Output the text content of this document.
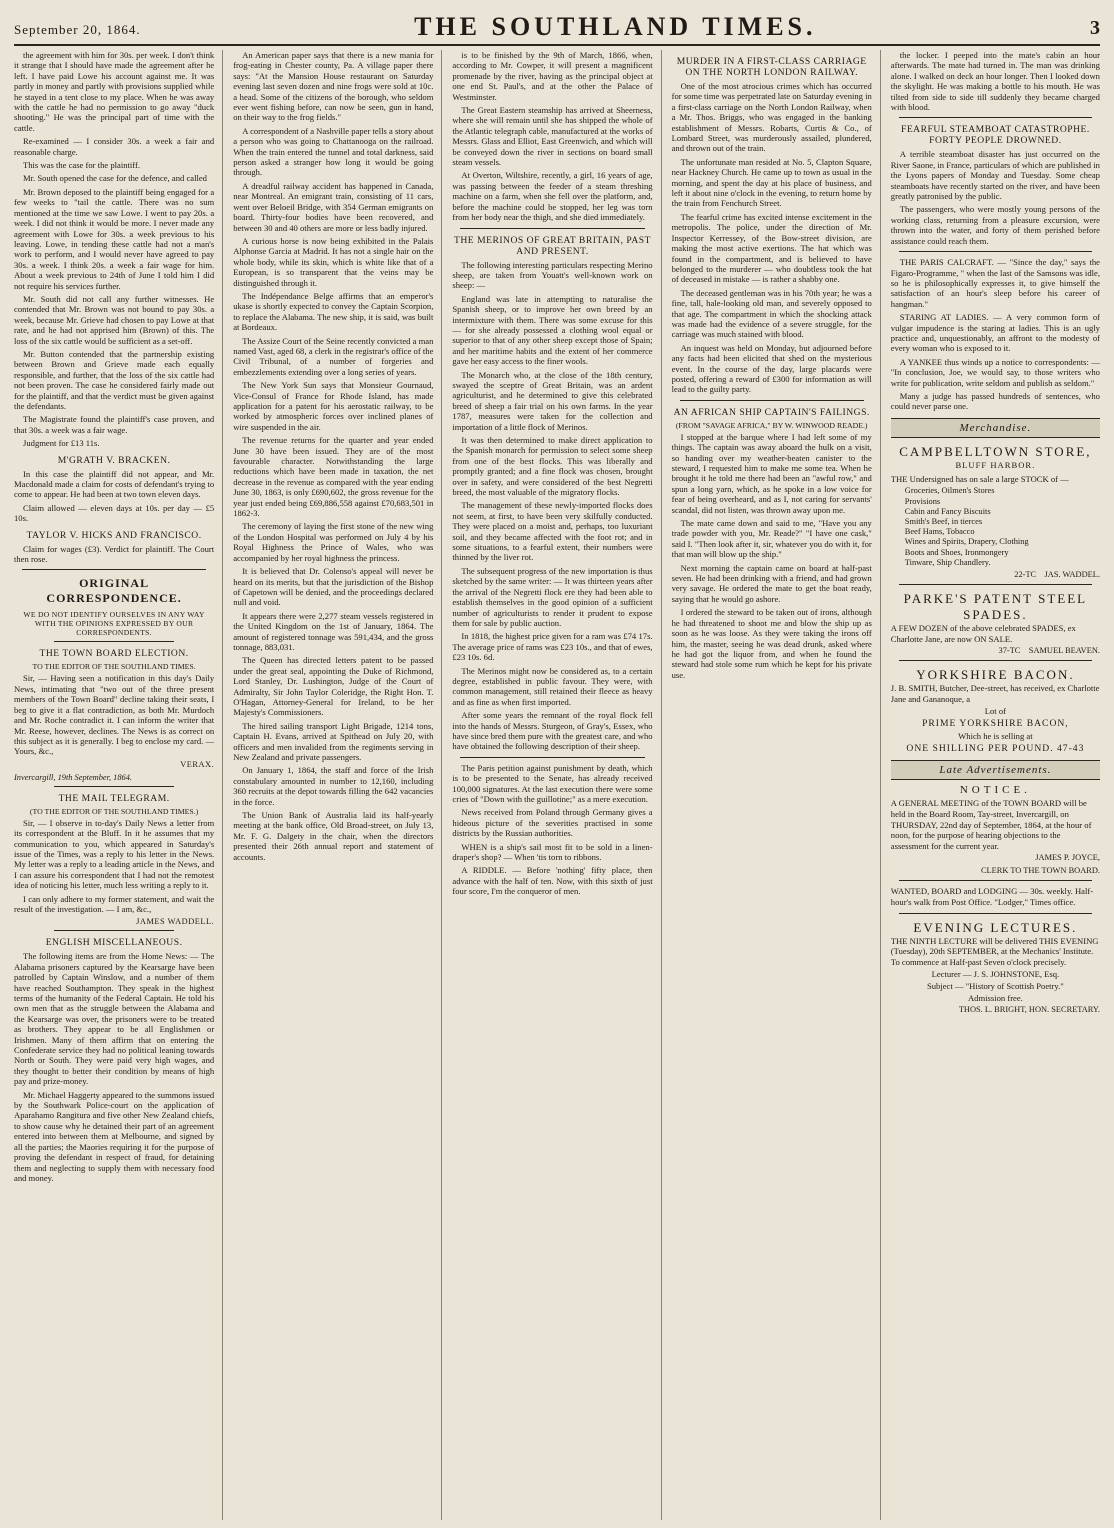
September 20, 1864.	THE SOUTHLAND TIMES.	3

the agreement with him for 30s. per week. I don't think it strange that I should have made the agreement after he left. I have paid Lowe his account against me. It was partly in money and partly with provisions supplied while he stayed in a tent close to my place. When he was away with the cattle he had no permission to go away "duck shooting." He was the principal part of time with the cattle.

Re-examined — I consider 30s. a week a fair and reasonable charge.

This was the case for the plaintiff.

Mr. South opened the case for the defence, and called

Mr. Brown deposed to the plaintiff being engaged for a few weeks to "tail the cattle. There was no sum mentioned at the time we saw Lowe. I went to pay 20s. a week. I did not think it would be more. I never made any agreement with Lowe for 30s. a week previous to his leaving. Lowe, in tending these cattle had not a man's work to perform, and I would never have agreed to pay 30s. a week. I think 20s. a week a fair wage for him. About a week previous to 24th of June I told him I did not require his services further.

Mr. South did not call any further witnesses. He contended that Mr. Brown was not bound to pay 30s. a week, because Mr. Grieve had chosen to pay Lowe at that rate, and he had not apprised him (Brown) of this. The loss of the six cattle would be sufficient as a set-off.

Mr. Button contended that the partnership existing between Brown and Grieve made each equally responsible, and further, that the loss of the six cattle had not been proven. The case he considered fairly made out for the plaintiff, and that the verdict must be given against the defendants.

The Magistrate found the plaintiff's case proven, and that 30s. a week was a fair wage.

Judgment for £13 11s.

M'GRATH V. BRACKEN.

In this case the plaintiff did not appear, and Mr. Macdonald made a claim for costs of defendant's trying to come to appear. He had been at two town eleven days.

Claim allowed — eleven days at 10s. per day — £5 10s.

TAYLOR V. HICKS AND FRANCISCO.

Claim for wages (£3). Verdict for plaintiff. The Court then rose.

ORIGINAL CORRESPONDENCE.
WE DO NOT IDENTIFY OURSELVES IN ANY WAY WITH THE OPINIONS EXPRESSED BY OUR CORRESPONDENTS.
THE TOWN BOARD ELECTION.
TO THE EDITOR OF THE SOUTHLAND TIMES.

Sir, — Having seen a notification in this day's Daily News, intimating that "two out of the three present members of the Town Board" decline taking their seats, I beg to give it a flat contradiction, as both Mr. Murdoch and Mr. Roche contradict it. I can inform the writer that Mr. Reese, however, declines. The News is as correct on this subject as it is generally. I beg to enclose my card. — Yours, &c.,

VERAX.
Invercargill, 19th September, 1864.
THE MAIL TELEGRAM.
(TO THE EDITOR OF THE SOUTHLAND TIMES.)

Sir, — I observe in to-day's Daily News a letter from its correspondent at the Bluff. In it he assumes that my communication to you, which appeared in Saturday's issue of the Times, was a reply to his letter in the News. My letter was a reply to a leading article in the News, and I can assure his correspondent that I had not the remotest idea of noticing his letter, much less writing a reply to it.

I can only adhere to my former statement, and wait the result of the investigation. — I am, &c.,

JAMES WADDELL.
ENGLISH MISCELLANEOUS.

The following items are from the Home News: — The Alabama prisoners captured by the Kearsarge have been patrolled by Captain Winslow, and a number of them have reached Southampton. They speak in the highest terms of the humanity of the Federal Captain. He told his own men that as the struggle between the Alabama and the Kearsarge was over, the prisoners were to be treated as brothers. They appear to be all Englishmen or Irishmen. Many of them affirm that on entering the Confederate service they had no political leaning towards North or South. They were paid very high wages, and they thought to better their condition by means of high pay and prize-money.

Mr. Michael Haggerty appeared to the summons issued by the Southwark Police-court on the application of Aparahamo Rangitura and five other New Zealand chiefs, to show cause why he detained their part of an agreement entered into between them at Melbourne, and signed by all the parties; the Maories requiring it for the purpose of proving the defendant in respect of fraud, for detaining them and neglecting to supply them with necessary food and money.

An American paper says that there is a new mania for frog-eating in Chester county, Pa. A village paper there says: "At the Mansion House restaurant on Saturday evening last seven dozen and nine frogs were sold at 10c. a head. Some of the citizens of the borough, who seldom ever went fishing before, can now be seen, gun in hand, on their way to the frog fields."

A correspondent of a Nashville paper tells a story about a person who was going to Chattanooga on the railroad. When the train entered the tunnel and total darkness, said person asked a stranger how long it would be going through.

A dreadful railway accident has happened in Canada, near Montreal. An emigrant train, consisting of 11 cars, went over Beloeil Bridge, with 354 German emigrants on board. Thirty-four bodies have been recovered, and between 30 and 40 others are more or less badly injured.

A curious horse is now being exhibited in the Palais Alphonse Garcia at Madrid. It has not a single hair on the whole body, while its skin, which is white like that of a European, is so transparent that the veins may be distinguished through it.

The Indépendance Belge affirms that an emperor's ukase is shortly expected to convey the Captain Scorpion, to replace the Alabama. The new ship, it is said, was built at Bordeaux.

The Assize Court of the Seine recently convicted a man named Vast, aged 68, a clerk in the registrar's office of the Civil Tribunal, of a number of forgeries and embezzlements extending over a long series of years.

The New York Sun says that Monsieur Gournaud, Vice-Consul of France for Rhode Island, has made application for a patent for his aerostatic railway, to be worked by atmospheric forces over inclined planes of wire suspended in the air.

The revenue returns for the quarter and year ended June 30 have been issued. They are of the most favourable character. Notwithstanding the large reductions which have been made in taxation, the net decrease in the revenue as compared with the year ending June 30, 1863, is only £690,602, the gross revenue for the year just ended being £69,886,558 against £70,683,501 in 1862-3.

The ceremony of laying the first stone of the new wing of the London Hospital was performed on July 4 by his Royal Highness the Prince of Wales, who was accompanied by her royal highness the princess.

It is believed that Dr. Colenso's appeal will never be heard on its merits, but that the jurisdiction of the Bishop of Capetown will be denied, and the proceedings declared null and void.

It appears there were 2,277 steam vessels registered in the United Kingdom on the 1st of January, 1864. The amount of registered tonnage was 591,434, and the gross tonnage, 883,031.

The Queen has directed letters patent to be passed under the great seal, appointing the Duke of Richmond, Lord Stanley, Dr. Lushington, Judge of the Court of Admiralty, Sir John Taylor Coleridge, the Right Hon. T. O'Hagan, Attorney-General for Ireland, to be her Majesty's Commissioners.

The hired sailing transport Light Brigade, 1214 tons, Captain H. Evans, arrived at Spithead on July 20, with officers and men invalided from the regiments serving in New Zealand and private passengers.

On January 1, 1864, the staff and force of the Irish constabulary amounted in number to 12,160, including 360 recruits at the depot towards filling the 642 vacancies in the force.

The Union Bank of Australia laid its half-yearly meeting at the bank office, Old Broad-street, on July 13, Mr. F. G. Dalgety in the chair, when the directors presented their 26th annual report and statement of accounts.

is to be finished by the 9th of March, 1866, when, according to Mr. Cowper, it will present a magnificent promenade by the river, having as the principal object at one end St. Paul's, and at the other the Palace of Westminster.

The Great Eastern steamship has arrived at Sheerness, where she will remain until she has shipped the whole of the Atlantic telegraph cable, manufactured at the works of Messrs. Glass and Elliot, East Greenwich, and which will be conveyed down the river in sections on board small steam vessels.

At Overton, Wiltshire, recently, a girl, 16 years of age, was passing between the feeder of a steam threshing machine on a farm, when she fell over the platform, and, before the machine could be stopped, her leg was torn from her body near the thigh, and she died immediately.

THE MERINOS OF GREAT BRITAIN, PAST AND PRESENT.

The following interesting particulars respecting Merino sheep, are taken from Youatt's well-known work on sheep: —

England was late in attempting to naturalise the Spanish sheep, or to improve her own breed by an intermixture with them. There was some excuse for this — for she already possessed a clothing wool equal or superior to that of any other sheep except those of Spain; and her maritime habits and the extent of her commerce gave her easy access to the finer wools.

The Monarch who, at the close of the 18th century, swayed the sceptre of Great Britain, was an ardent agriculturist, and he determined to give this celebrated breed of sheep a fair trial on his own farms. In the year 1787, measures were taken for the collection and importation of a little flock of Merinos.

It was then determined to make direct application to the Spanish monarch for permission to select some sheep from one of the best flocks. This was liberally and promptly granted; and a fine flock was chosen, brought over in safety, and were considered of the best Negretti breed, the most valuable of the migratory flocks.

The management of these newly-imported flocks does not seem, at first, to have been very skilfully conducted. They were placed on a moist and, perhaps, too luxuriant soil, and they became affected with the foot rot; and in some situations, to a fearful extent, their numbers were thinned by the liver rot.

The subsequent progress of the new importation is thus sketched by the same writer: — It was thirteen years after the arrival of the Negretti flock ere they had been able to establish themselves in the good opinion of a sufficient number of agriculturists to render it prudent to expose them for sale by public auction.

In 1818, the highest price given for a ram was £74 17s. The average price of rams was £23 10s., and that of ewes, £23 10s. 6d.

The Merinos might now be considered as, to a certain degree, established in public favour. They were, with common management, still retained their fleece as heavy and as fine as when first imported.

After some years the remnant of the royal flock fell into the hands of Messrs. Sturgeon, of Gray's, Essex, who have since bred them pure with the greatest care, and who have obtained the following description of their sheep.

The Paris petition against punishment by death, which is to be presented to the Senate, has already received 100,000 signatures. At the last execution there were some cries of "Down with the guillotine;" as a mere execution.

News received from Poland through Germany gives a hideous picture of the severities practised in some districts by the Russian authorities.

WHEN is a ship's sail most fit to be sold in a linen-draper's shop? — When 'tis torn to ribbons.

A RIDDLE. — Before 'nothing' fifty place, then advance with the half of ten. Now, with this sixth of just four score, I'm the conqueror of men.

MURDER IN A FIRST-CLASS CARRIAGE ON THE NORTH LONDON RAILWAY.

One of the most atrocious crimes which has occurred for some time was perpetrated late on Saturday evening in a first-class carriage on the North London Railway, when a Mr. Thos. Briggs, who was engaged in the banking establishment of Messrs. Robarts, Curtis & Co., of Lombard Street, was murderously assailed, plundered, and thrown out of the train.

The unfortunate man resided at No. 5, Clapton Square, near Hackney Church. He came up to town as usual in the morning, and spent the day at his place of business, and left it about nine o'clock in the evening, to return home by the train from Fenchurch Street.

The fearful crime has excited intense excitement in the metropolis. The police, under the direction of Mr. Inspector Kerressey, of the Bow-street division, are making the most active exertions. The hat which was found in the compartment, and is believed to have belonged to the murderer — who doubtless took the hat of deceased in mistake — is rather a shabby one.

The deceased gentleman was in his 70th year; he was a fine, tall, hale-looking old man, and severely opposed to that age. The compartment in which the shocking attack was made had the evidence of a severe struggle, for the carriage was much stained with blood.

An inquest was held on Monday, but adjourned before any facts had been elicited that shed on the mysterious event. In the course of the day, large placards were posted, offering a reward of £300 for information as will lead to the guilty party.

AN AFRICAN SHIP CAPTAIN'S FAILINGS.
(FROM "SAVAGE AFRICA," BY W. WINWOOD READE.)

I stopped at the barque where I had left some of my things. The captain was away aboard the hulk on a visit, so handing over my weather-beaten canister to the steward, I requested him to make me some tea. When he brought it he told me there had been an "awful row," and spun a long yarn, which, as he spoke in a low voice for fear of being overheard, and as I, not caring for servants' scandal, did not listen, was thrown away upon me.

The mate came down and said to me, "Have you any trade powder with you, Mr. Reade?" "I have one cask," said I. "Then look after it, sir, whatever you do with it, for that man will blow up the ship."

Next morning the captain came on board at half-past seven. He had been drinking with a friend, and had grown very savage. He ordered the mate to get the boat ready, saying that he would go ashore.

I ordered the steward to be taken out of irons, although he had threatened to shoot me and blow the ship up as soon as he was loose. As they were taking the irons off him, the master, seeing he was dead drunk, asked where he had got the liquor from, and when he found the steward had stole some rum which he kept for his private use.

the locker. I peeped into the mate's cabin an hour afterwards. The mate had turned in. The man was drinking alone. I walked on deck an hour longer. Then I looked down the skylight. He was making a bottle to his mouth. He was tilted from side to side till suddenly they became charged with blood.

FEARFUL STEAMBOAT CATASTROPHE. FORTY PEOPLE DROWNED.

A terrible steamboat disaster has just occurred on the River Saone, in France, particulars of which are published in the Lyons papers of Monday and Tuesday. Some cheap steamboats have recently started on the river, and have been greatly patronised by the public.

The passengers, who were mostly young persons of the working class, returning from a pleasure excursion, were thrown into the water, and forty of them perished before assistance could reach them.

THE PARIS CALCRAFT. — "Since the day," says the Figaro-Programme, " when the last of the Samsons was idle, so he is philosophically expresses it, to give himself the satisfaction of an hour's sleep before his career of hangman."

STARING AT LADIES. — A very common form of vulgar impudence is the staring at ladies. This is an ugly practice and, unquestionably, an affront to the modesty of every woman who is exposed to it.

A YANKEE thus winds up a notice to correspondents: — "In conclusion, Joe, we would say, to those writers who write for publication, write seldom and publish as seldom."

Many a judge has passed hundreds of sentences, who could never parse one.

Merchandise.
CAMPBELLTOWN STORE,
BLUFF HARBOR.
THE Undersigned has on sale a large STOCK of —
Groceries, Oilmen's Stores
Provisions
Cabin and Fancy Biscuits
Smith's Beef, in tierces
Beef Hams, Tobacco
Wines and Spirits, Drapery, Clothing
Boots and Shoes, Ironmongery
Tinware, Ship Chandlery.
22-TC JAS. WADDEL.
PARKE'S PATENT STEEL SPADES.
A FEW DOZEN of the above celebrated SPADES, ex Charlotte Jane, are now ON SALE.
37-TC SAMUEL BEAVEN.
YORKSHIRE BACON.
J. B. SMITH, Butcher, Dee-street, has received, ex Charlotte Jane and Gananoque, a
Lot of
PRIME YORKSHIRE BACON,
Which he is selling at
ONE SHILLING PER POUND. 47-43
Late Advertisements.
NOTICE.
A GENERAL MEETING of the TOWN BOARD will be held in the Board Room, Tay-street, Invercargill, on THURSDAY, 22nd day of September, 1864, at the hour of noon, for the purpose of hearing objections to the assessment for the current year.
JAMES P. JOYCE,
CLERK TO THE TOWN BOARD.
WANTED, BOARD and LODGING — 30s. weekly. Half-hour's walk from Post Office. "Lodger," Times office.
EVENING LECTURES.
THE NINTH LECTURE will be delivered THIS EVENING (Tuesday), 20th SEPTEMBER, at the Mechanics' Institute. To commence at Half-past Seven o'clock precisely.
Lecturer — J. S. JOHNSTONE, Esq.
Subject — "History of Scottish Poetry."
Admission free.
THOS. L. BRIGHT, HON. SECRETARY.
